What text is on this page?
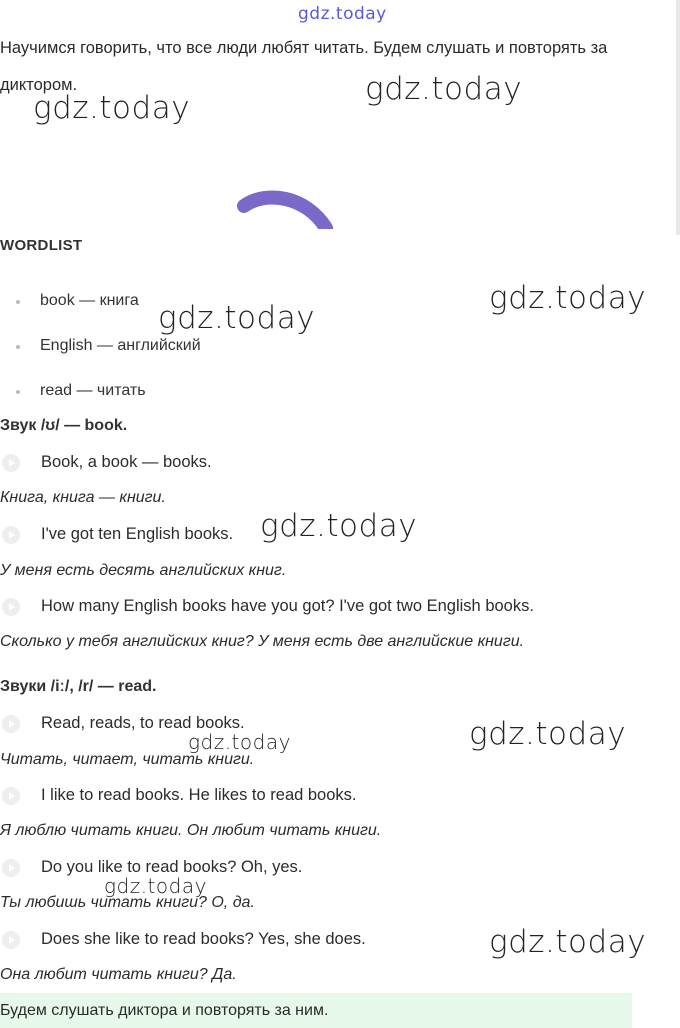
gdz.today
Научимся говорить, что все люди любят читать. Будем слушать и повторять за диктором.
gdz.today
gdz.today
gdz.today
gdz.today
gdz.today
gdz.today
gdz.today
gdz.today
gdz.today
WORDLIST
book — книга
English — английский
read — читать
Звук /ʊ/ — book.
Book, a book — books.
Книга, книга — книги.
I've got ten English books.
У меня есть десять английских книг.
How many English books have you got? I've got two English books.
Сколько у тебя английских книг? У меня есть две английские книги.
Звуки /iː/, /r/ — read.
Read, reads, to read books.
Читать, читает, читать книги.
I like to read books. He likes to read books.
Я люблю читать книги. Он любит читать книги.
Do you like to read books? Oh, yes.
Ты любишь читать книги? О, да.
Does she like to read books? Yes, she does.
Она любит читать книги? Да.
Будем слушать диктора и повторять за ним.
